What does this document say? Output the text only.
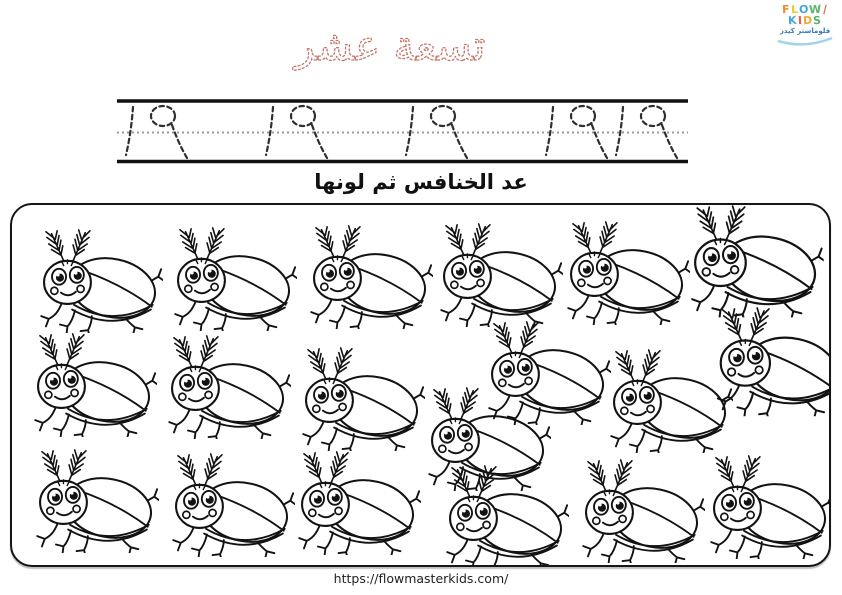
FLOW/
KIDS
فلوماستر كيدز
تسعة عشر
عد الخنافس ثم لونها
https://flowmasterkids.com/
